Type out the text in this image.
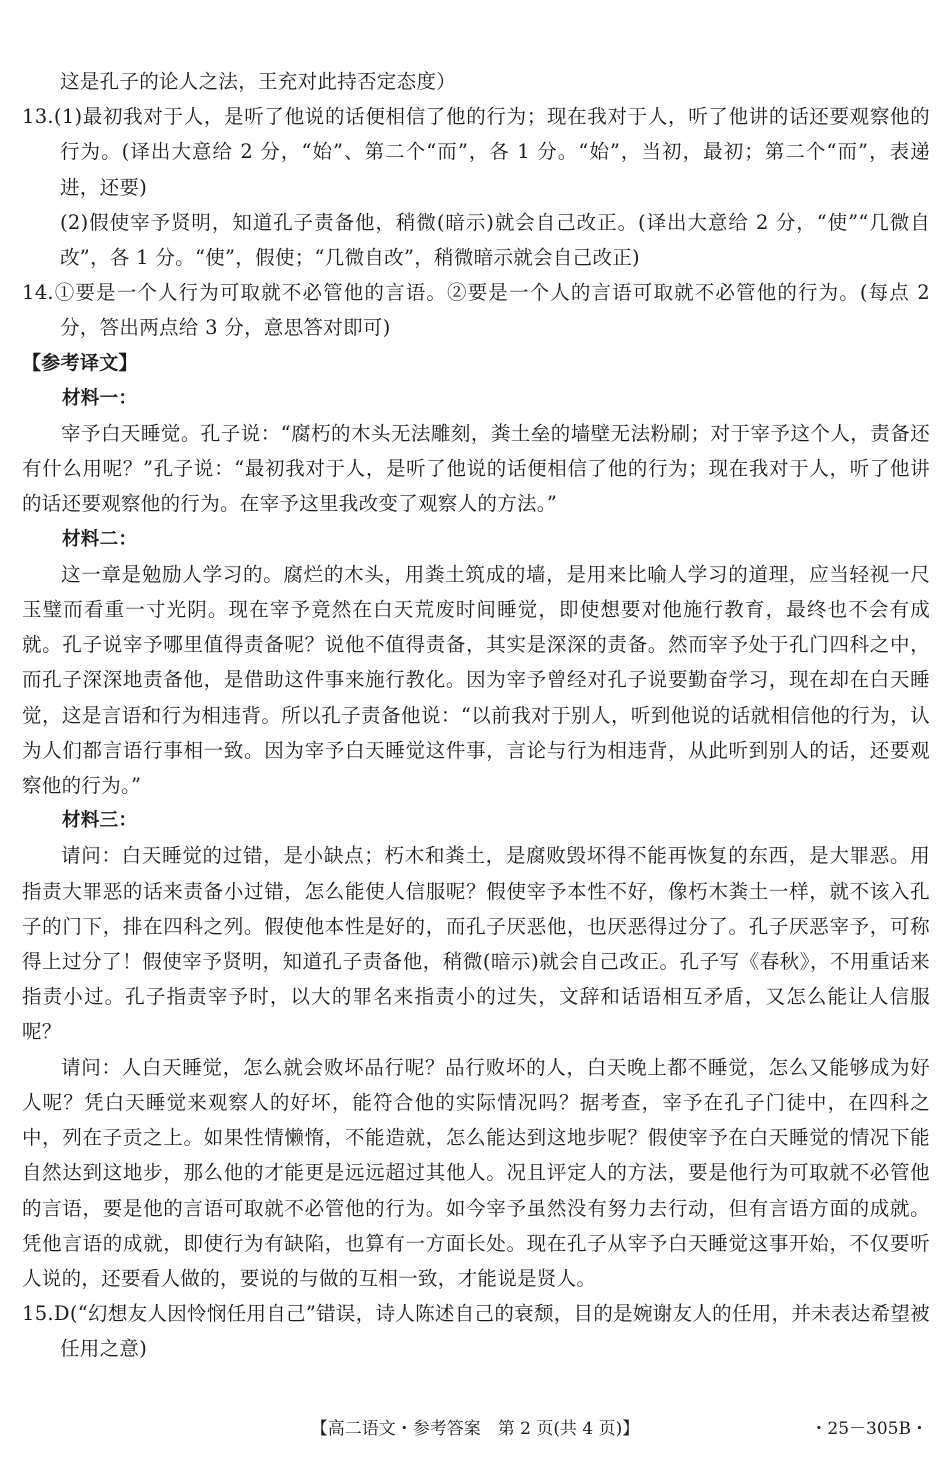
这是孔子的论人之法，王充对此持否定态度）

13.(1)最初我对于人，是听了他说的话便相信了他的行为；现在我对于人，听了他讲的话还要观察他的行为。(译出大意给 2 分，“始”、第二个“而”，各 1 分。“始”，当初，最初；第二个“而”，表递进，还要)

(2)假使宰予贤明，知道孔子责备他，稍微(暗示)就会自己改正。(译出大意给 2 分，“使”“几微自改”，各 1 分。“使”，假使；“几微自改”，稍微暗示就会自己改正)

14.①要是一个人行为可取就不必管他的言语。②要是一个人的言语可取就不必管他的行为。(每点 2 分，答出两点给 3 分，意思答对即可)

【参考译文】

材料一：

宰予白天睡觉。孔子说：“腐朽的木头无法雕刻，粪土垒的墙壁无法粉刷；对于宰予这个人，责备还有什么用呢？”孔子说：“最初我对于人，是听了他说的话便相信了他的行为；现在我对于人，听了他讲的话还要观察他的行为。在宰予这里我改变了观察人的方法。”

材料二：

这一章是勉励人学习的。腐烂的木头，用粪土筑成的墙，是用来比喻人学习的道理，应当轻视一尺玉璧而看重一寸光阴。现在宰予竟然在白天荒废时间睡觉，即使想要对他施行教育，最终也不会有成就。孔子说宰予哪里值得责备呢？说他不值得责备，其实是深深的责备。然而宰予处于孔门四科之中，而孔子深深地责备他，是借助这件事来施行教化。因为宰予曾经对孔子说要勤奋学习，现在却在白天睡觉，这是言语和行为相违背。所以孔子责备他说：“以前我对于别人，听到他说的话就相信他的行为，认为人们都言语行事相一致。因为宰予白天睡觉这件事，言论与行为相违背，从此听到别人的话，还要观察他的行为。”

材料三：

请问：白天睡觉的过错，是小缺点；朽木和粪土，是腐败毁坏得不能再恢复的东西，是大罪恶。用指责大罪恶的话来责备小过错，怎么能使人信服呢？假使宰予本性不好，像朽木粪土一样，就不该入孔子的门下，排在四科之列。假使他本性是好的，而孔子厌恶他，也厌恶得过分了。孔子厌恶宰予，可称得上过分了！假使宰予贤明，知道孔子责备他，稍微(暗示)就会自己改正。孔子写《春秋》，不用重话来指责小过。孔子指责宰予时，以大的罪名来指责小的过失，文辞和话语相互矛盾，又怎么能让人信服呢？

请问：人白天睡觉，怎么就会败坏品行呢？品行败坏的人，白天晚上都不睡觉，怎么又能够成为好人呢？凭白天睡觉来观察人的好坏，能符合他的实际情况吗？据考查，宰予在孔子门徒中，在四科之中，列在子贡之上。如果性情懒惰，不能造就，怎么能达到这地步呢？假使宰予在白天睡觉的情况下能自然达到这地步，那么他的才能更是远远超过其他人。况且评定人的方法，要是他行为可取就不必管他的言语，要是他的言语可取就不必管他的行为。如今宰予虽然没有努力去行动，但有言语方面的成就。凭他言语的成就，即使行为有缺陷，也算有一方面长处。现在孔子从宰予白天睡觉这事开始，不仅要听人说的，还要看人做的，要说的与做的互相一致，才能说是贤人。

15.D(“幻想友人因怜悯任用自己”错误，诗人陈述自己的衰颓，目的是婉谢友人的任用，并未表达希望被任用之意)

【高二语文・参考答案　第 2 页(共 4 页)】	・25－305B・
